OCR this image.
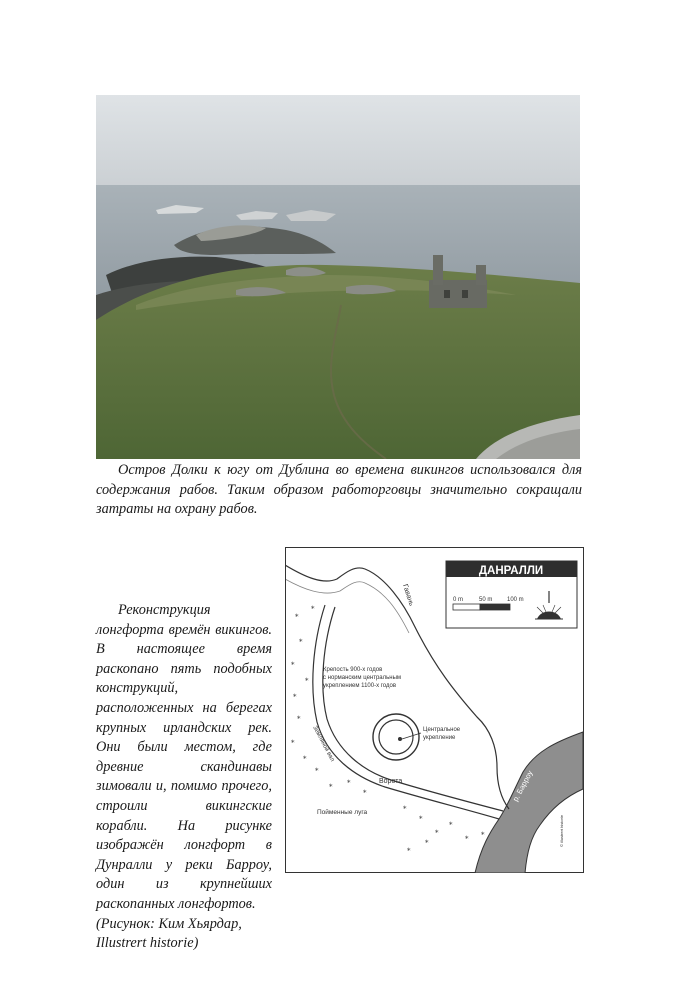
Остров Долки к югу от Дублина во времена викингов использовался для содержания рабов. Таким образом работорговцы значительно сокращали затраты на охрану рабов.

Реконструкция лонгфорта времён викингов. В настоящее время раскопано пять подобных конструкций, расположенных на берегах крупных ирландских рек. Они были местом, где древние скандинавы зимовали и, помимо прочего, строили викингские корабли. На рисунке изображён лонгфорт в Дунралли у реки Барроу, один из крупнейших раскопанных лонгфортов.
(Рисунок: Ким Хьярдар,
Illustrert historie)

⁎
⁎
⁎
⁎
⁎
⁎
⁎
⁎
⁎
⁎
⁎ ⁎
⁎
⁎
⁎
⁎
⁎
⁎ ⁎
⁎
⁎
ДАНРАЛЛИ
0 m	50 m 100 m
Гавань
Крепость 900-х годов
с норманским центральным
укреплением 1100-х годов
Центральное
укрепление
Земляной вал
Ворота
Пойменные луга
р. Барроу
© illustrert historie
